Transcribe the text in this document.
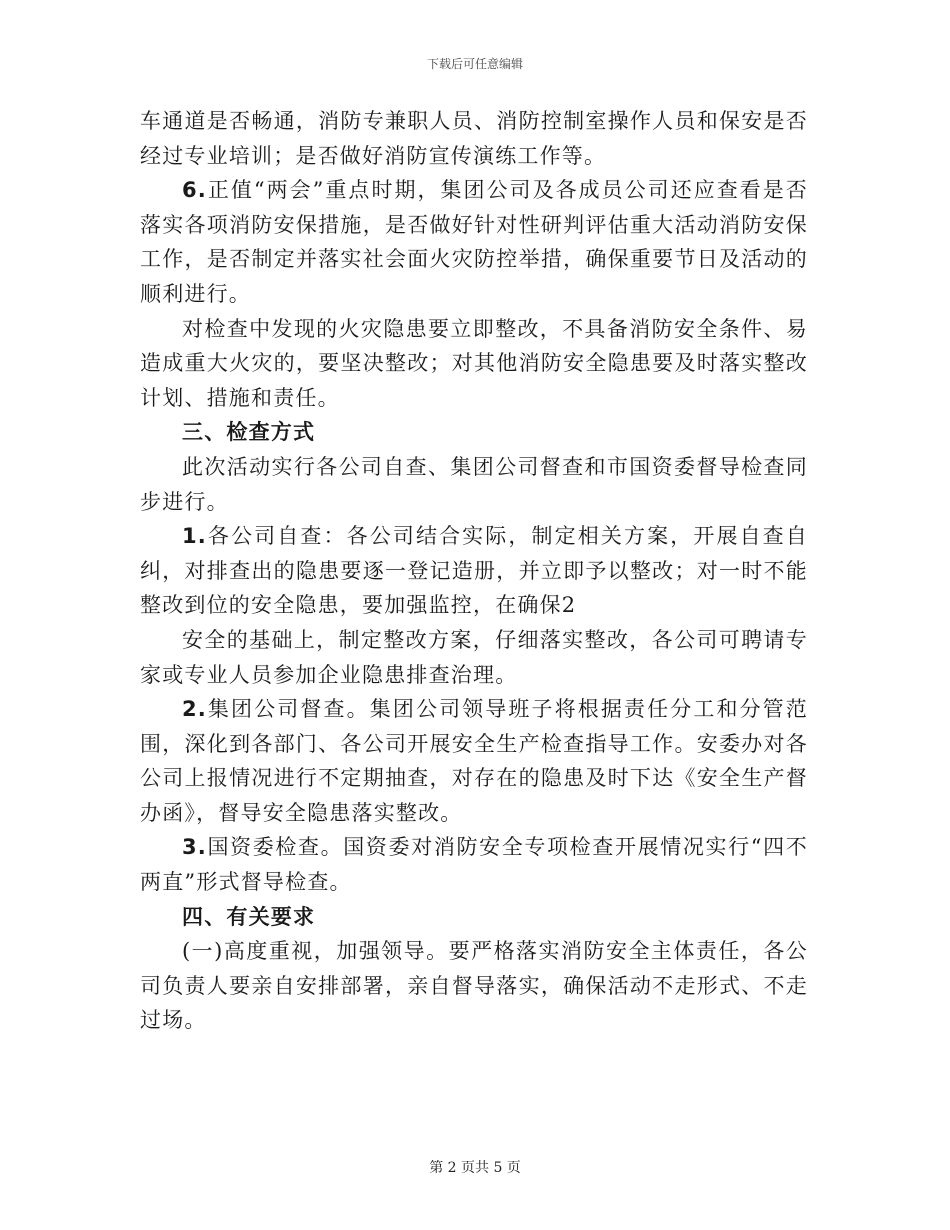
下载后可任意编辑

车通道是否畅通，消防专兼职人员、消防控制室操作人员和保安是否经过专业培训；是否做好消防宣传演练工作等。

6.正值“两会”重点时期，集团公司及各成员公司还应查看是否落实各项消防安保措施，是否做好针对性研判评估重大活动消防安保工作，是否制定并落实社会面火灾防控举措，确保重要节日及活动的顺利进行。

对检查中发现的火灾隐患要立即整改，不具备消防安全条件、易造成重大火灾的，要坚决整改；对其他消防安全隐患要及时落实整改计划、措施和责任。

三、检查方式

此次活动实行各公司自查、集团公司督查和市国资委督导检查同步进行。

1.各公司自查：各公司结合实际，制定相关方案，开展自查自纠，对排查出的隐患要逐一登记造册，并立即予以整改；对一时不能整改到位的安全隐患，要加强监控，在确保2

安全的基础上，制定整改方案，仔细落实整改，各公司可聘请专家或专业人员参加企业隐患排查治理。

2.集团公司督查。集团公司领导班子将根据责任分工和分管范围，深化到各部门、各公司开展安全生产检查指导工作。安委办对各公司上报情况进行不定期抽查，对存在的隐患及时下达《安全生产督办函》，督导安全隐患落实整改。

3.国资委检查。国资委对消防安全专项检查开展情况实行“四不两直”形式督导检查。

四、有关要求

(一)高度重视，加强领导。要严格落实消防安全主体责任，各公司负责人要亲自安排部署，亲自督导落实，确保活动不走形式、不走过场。

第 2 页共 5 页
